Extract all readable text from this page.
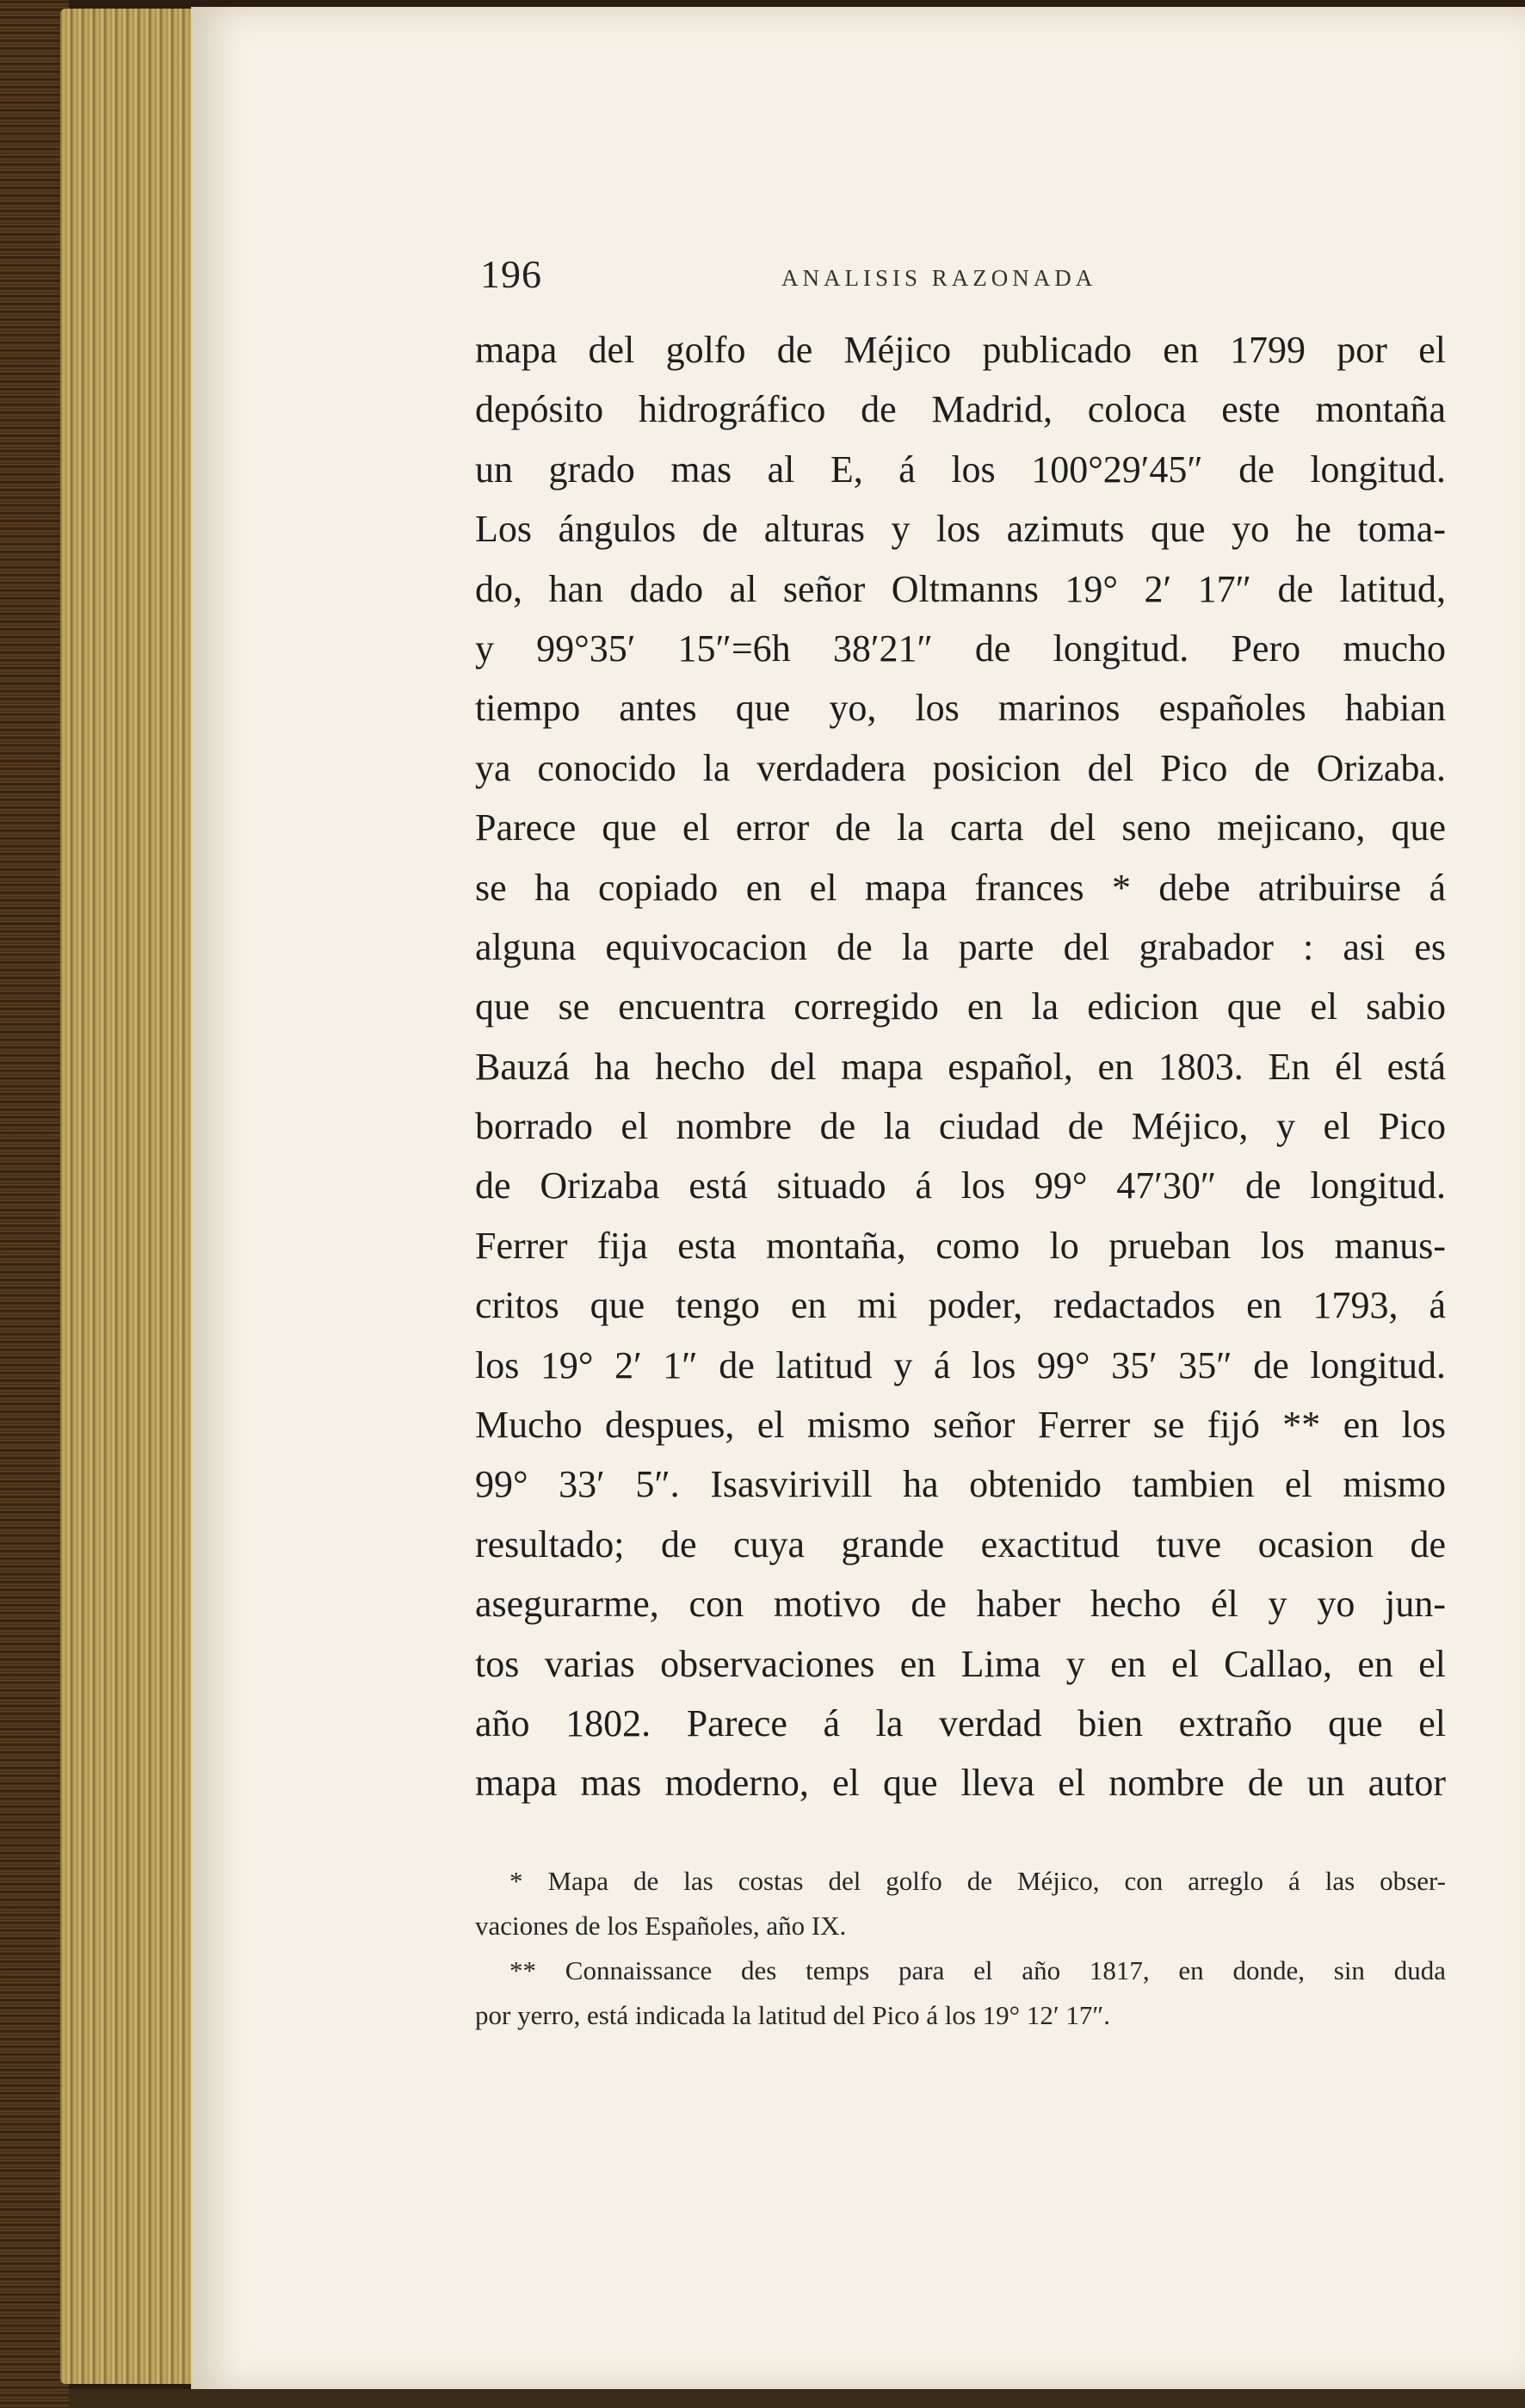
196	ANALISIS RAZONADA
mapa del golfo de Méjico publicado en 1799 por el
depósito hidrográfico de Madrid, coloca este montaña
un grado mas al E, á los 100°29′45″ de longitud.
Los ángulos de alturas y los azimuts que yo he toma-
do, han dado al señor Oltmanns 19° 2′ 17″ de latitud,
y 99°35′ 15″=6h 38′21″ de longitud. Pero mucho
tiempo antes que yo, los marinos españoles habian
ya conocido la verdadera posicion del Pico de Orizaba.
Parece que el error de la carta del seno mejicano, que
se ha copiado en el mapa frances * debe atribuirse á
alguna equivocacion de la parte del grabador : asi es
que se encuentra corregido en la edicion que el sabio
Bauzá ha hecho del mapa español, en 1803. En él está
borrado el nombre de la ciudad de Méjico, y el Pico
de Orizaba está situado á los 99° 47′30″ de longitud.
Ferrer fija esta montaña, como lo prueban los manus-
critos que tengo en mi poder, redactados en 1793, á
los 19° 2′ 1″ de latitud y á los 99° 35′ 35″ de longitud.
Mucho despues, el mismo señor Ferrer se fijó ** en los
99° 33′ 5″. Isasvirivill ha obtenido tambien el mismo
resultado; de cuya grande exactitud tuve ocasion de
asegurarme, con motivo de haber hecho él y yo jun-
tos varias observaciones en Lima y en el Callao, en el
año 1802. Parece á la verdad bien extraño que el
mapa mas moderno, el que lleva el nombre de un autor
* Mapa de las costas del golfo de Méjico, con arreglo á las obser-
vaciones de los Españoles, año IX.
** Connaissance des temps para el año 1817, en donde, sin duda
por yerro, está indicada la latitud del Pico á los 19° 12′ 17″.
